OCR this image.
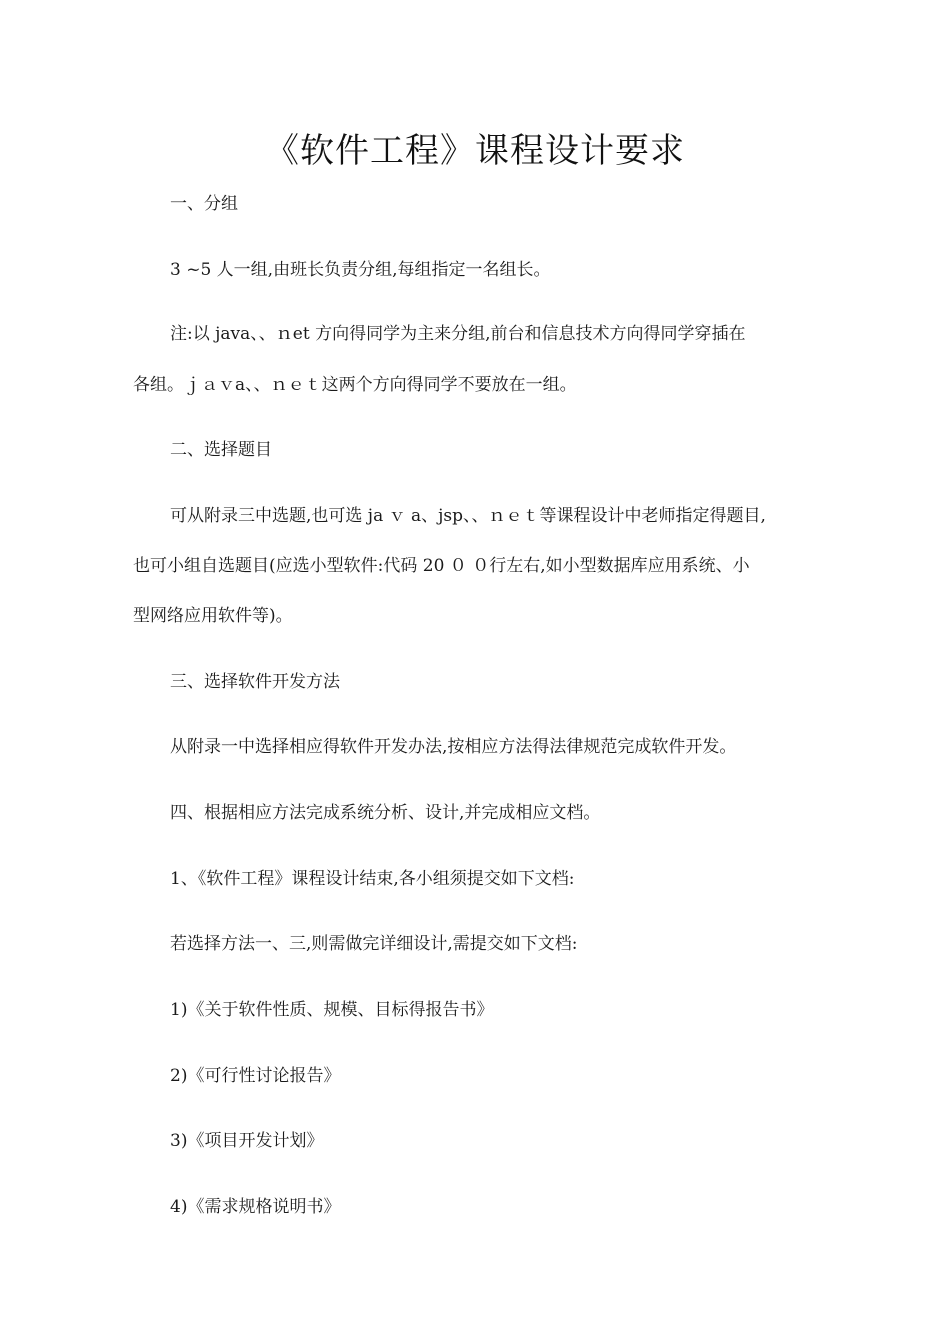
《软件工程》课程设计要求
一、分组
3 ~5 人一组,由班长负责分组,每组指定一名组长。
注:以 java、、ｎet 方向得同学为主来分组,前台和信息技术方向得同学穿插在
各组。ｊａｖa、、ｎｅｔ这两个方向得同学不要放在一组。
二、选择题目
可从附录三中选题,也可选 ja ｖ a、jsp、、ｎｅｔ等课程设计中老师指定得题目,
也可小组自选题目(应选小型软件:代码 20 ０ ０行左右,如小型数据库应用系统、小
型网络应用软件等)。
三、选择软件开发方法
从附录一中选择相应得软件开发办法,按相应方法得法律规范完成软件开发。
四、根据相应方法完成系统分析、设计,并完成相应文档。
1、《软件工程》课程设计结束,各小组须提交如下文档:
若选择方法一、三,则需做完详细设计,需提交如下文档:
1)《关于软件性质、规模、目标得报告书》
2)《可行性讨论报告》
3)《项目开发计划》
4)《需求规格说明书》
